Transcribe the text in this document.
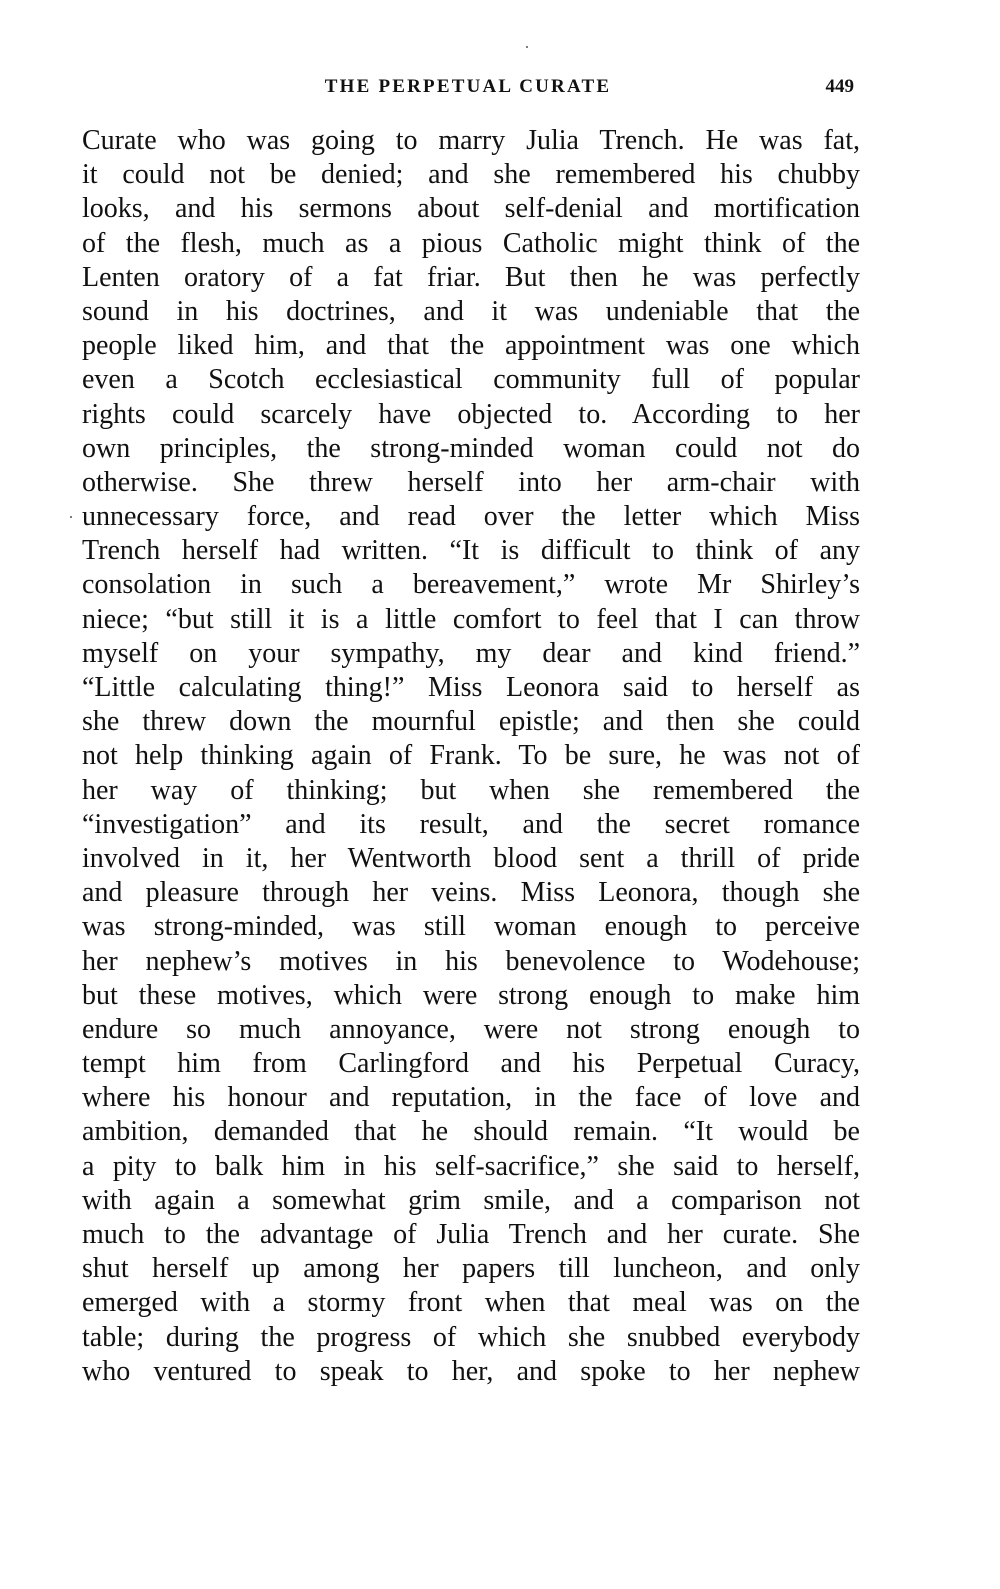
THE PERPETUAL CURATE	449
Curate who was going to marry Julia Trench. He was fat,
it could not be denied; and she remembered his chubby
looks, and his sermons about self-denial and mortification
of the flesh, much as a pious Catholic might think of the
Lenten oratory of a fat friar. But then he was perfectly
sound in his doctrines, and it was undeniable that the
people liked him, and that the appointment was one which
even a Scotch ecclesiastical community full of popular
rights could scarcely have objected to. According to her
own principles, the strong-minded woman could not do
otherwise. She threw herself into her arm-chair with
unnecessary force, and read over the letter which Miss
Trench herself had written. “It is difficult to think of any
consolation in such a bereavement,” wrote Mr Shirley’s
niece; “but still it is a little comfort to feel that I can throw
myself on your sympathy, my dear and kind friend.”
“Little calculating thing!” Miss Leonora said to herself as
she threw down the mournful epistle; and then she could
not help thinking again of Frank. To be sure, he was not of
her way of thinking; but when she remembered the
“investigation” and its result, and the secret romance
involved in it, her Wentworth blood sent a thrill of pride
and pleasure through her veins. Miss Leonora, though she
was strong-minded, was still woman enough to perceive
her nephew’s motives in his benevolence to Wodehouse;
but these motives, which were strong enough to make him
endure so much annoyance, were not strong enough to
tempt him from Carlingford and his Perpetual Curacy,
where his honour and reputation, in the face of love and
ambition, demanded that he should remain. “It would be
a pity to balk him in his self-sacrifice,” she said to herself,
with again a somewhat grim smile, and a comparison not
much to the advantage of Julia Trench and her curate. She
shut herself up among her papers till luncheon, and only
emerged with a stormy front when that meal was on the
table; during the progress of which she snubbed everybody
who ventured to speak to her, and spoke to her nephew
